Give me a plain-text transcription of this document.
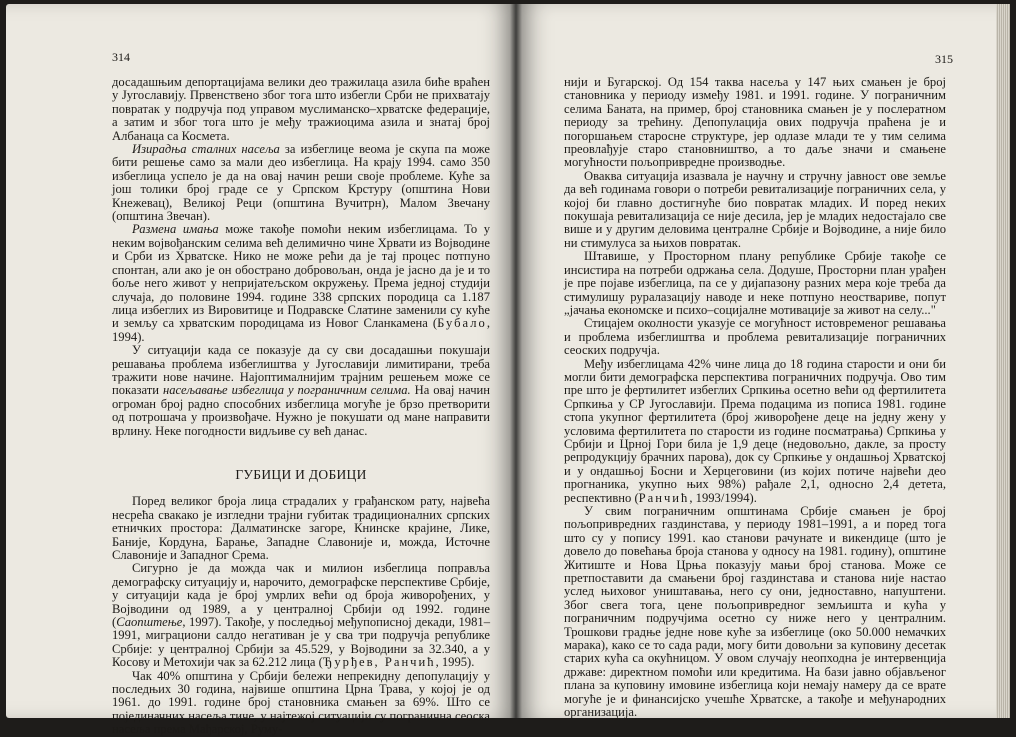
314

досадашњим депортацијама велики део тражилаца азила биће враћен у Југославију. Првенствено због тога што избегли Срби не прихватају повратак у подручја под управом муслиманско–хрватске федерације, а затим и због тога што је међу тражиоцима азила и знатај број Албанаца са Космета.

Изирадња сталних насеља за избеглице веома је скупа па може бити решење само за мали део избеглица. На крају 1994. само 350 избеглица успело је да на овај начин реши своје проблеме. Куће за још толики број граде се у Српском Крстуру (општина Нови Кнежевац), Великој Реци (општина Вучитрн), Малом Звечану (општина Звечан).

Размена имања може такође помоћи неким избеглицама. То у неким војвођанским селима већ делимично чине Хрвати из Војводине и Срби из Хрватске. Нико не може рећи да је тај процес потпуно спонтан, али ако је он обострано добровољан, онда је јасно да је и то боље него живот у непријатељском окружењу. Према једној студији случаја, до половине 1994. године 338 српских породица са 1.187 лица избеглих из Вировитице и Подравске Слатине заменили су куће и земљу са хрватским породицама из Новог Сланкамена (Бубало, 1994).

У ситуацији када се показује да су сви досадашњи покушаји решавања проблема избеглиштва у Југославији лимитирани, треба тражити нове начине. Најоптималнијим трајним решењем може се показати насељавање избеглица у пограничним селима. На овај начин огроман број радно способних избеглица могуће је брзо претворити од потрошача у произвођаче. Нужно је покушати од мане направити врлину. Неке погодности видљиве су већ данас.

ГУБИЦИ И ДОБИЦИ

Поред великог броја лица страдалих у грађанском рату, највећа несрећа свакако је изгледни трајни губитак традиционалних српских етничких простора: Далматинске загоре, Книнске крајине, Лике, Баније, Кордуна, Барање, Западне Славоније и, можда, Источне Славоније и Западног Срема.

Сигурно је да можда чак и милион избеглица поправља демографску ситуацију и, нарочито, демографске перспективе Србије, у ситуацији када је број умрлих већи од броја живорођених, у Војводини од 1989, а у централној Србији од 1992. године (Саопштење, 1997). Такође, у последњој међупописној декади, 1981–1991, миграциони салдо негативан је у сва три подручја републике Србије: у централној Србији за 45.529, у Војводини за 32.340, а у Косову и Метохији чак за 62.212 лица (Ђурђев, Ранчић, 1995).

Чак 40% општина у Србији бележи непрекидну депопулацију у последњих 30 година, највише општина Црна Трава, у којој је од 1961. до 1991. године број становника смањен за 69%. Што се појединачних насеља тиче, у најтежој ситуацији су погранична сеоска насеља према Мађарској, Руму-

315

нији и Бугарској. Од 154 таква насеља у 147 њих смањен је број становника у периоду између 1981. и 1991. године. У пограничним селима Баната, на пример, број становника смањен је у послератном периоду за трећину. Депопулација ових подручја праћена је и погоршањем старосне структуре, јер одлазе млади те у тим селима преовлађује старо становништво, а то даље значи и смањене могућности пољопривредне производње.

Оваква ситуација изазвала је научну и стручну јавност ове земље да већ годинама говори о потреби ревитализације пограничних села, у којој би главно достигнуће био повратак младих. И поред неких покушаја ревитализација се није десила, јер је младих недостајало све више и у другим деловима централне Србије и Војводине, а није било ни стимулуса за њихов повратак.

Штавише, у Просторном плану републике Србије такође се инсистира на потреби одржања села. Додуше, Просторни план урађен је пре појаве избеглица, па се у дијапазону разних мера које треба да стимулишу руралазацију наводе и неке потпуно неоствариве, попут „јачања економске и психо–социјалне мотивације за живот на селу..."

Стицајем околности указује се могућност истовременог решавања и проблема избеглиштва и проблема ревитализације пограничних сеоских подручја.

Међу избеглицама 42% чине лица до 18 година старости и они би могли бити демографска перспектива пограничних подручја. Ово тим пре што је фертилитет избеглих Српкиња осетно већи од фертилитета Српкиња у СР Југославији. Према подацима из пописа 1981. године стопа укупног фертилитета (број живорођене деце на једну жену у условима фертилитета по старости из године посматрања) Српкиња у Србији и Црној Гори била је 1,9 деце (недовољно, дакле, за просту репродукцију брачних парова), док су Српкиње у ондашњој Хрватској и у ондашњој Босни и Херцеговини (из којих потиче највећи део прогнаника, укупно њих 98%) рађале 2,1, односно 2,4 детета, респективно (Ранчић, 1993/1994).

У свим пограничним општинама Србије смањен је број пољопривредних газдинстава, у периоду 1981–1991, а и поред тога што су у попису 1991. као станови рачунате и викендице (што је довело до повећања броја станова у односу на 1981. годину), општине Житиште и Нова Црња показују мањи број станова. Може се претпоставити да смањени број газдинстава и станова није настао услед њиховог уништавања, него су они, једноставно, напуштени. Због свега тога, цене пољопривредног земљишта и кућа у пограничним подручјима осетно су ниже него у централним. Трошкови градње једне нове куће за избеглице (око 50.000 немачких марака), како се то сада ради, могу бити довољни за куповину десетак старих кућа са окућницом. У овом случају неопходна је интервенција државе: директном помоћи или кредитима. На бази јавно објављеног плана за куповину имовине избеглица који немају намеру да се врате могуће је и финансијско учешће Хрватске, а такође и међународних организација.
